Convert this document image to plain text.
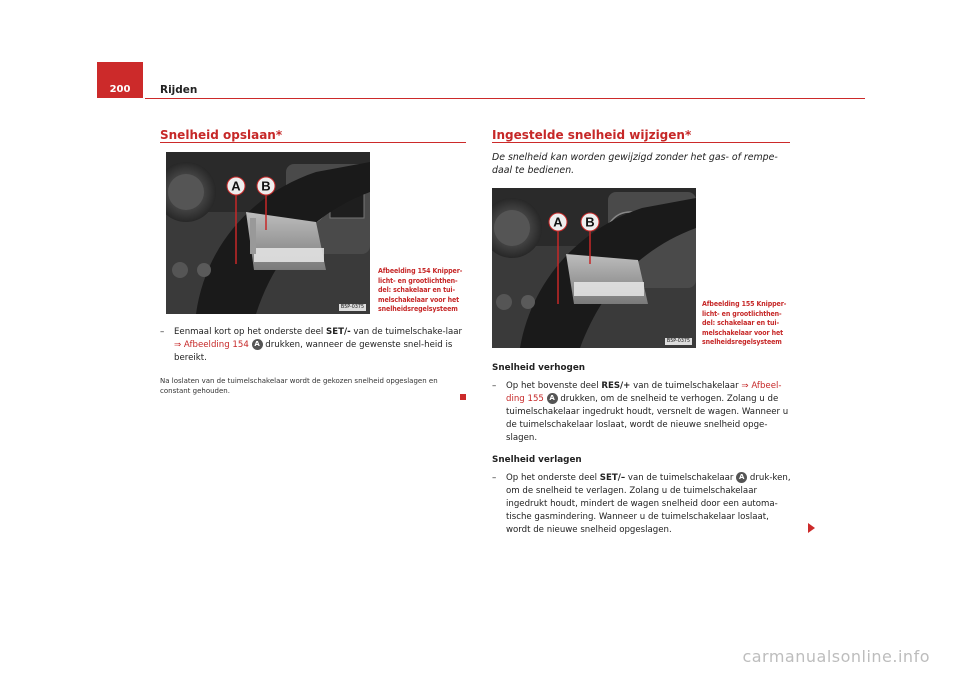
200	Rijden
Snelheid opslaan*
A B
B5P-0375
Afbeelding 154 Knipper-licht- en grootlichthen-del: schakelaar en tui-melschakelaar voor het snelheidsregelsysteem
– Eenmaal kort op het onderste deel SET/- van de tuimelschake-laar ⇒ Afbeelding 154 A drukken, wanneer de gewenste snel-heid is bereikt.
Na loslaten van de tuimelschakelaar wordt de gekozen snelheid opgeslagen en constant gehouden.
Ingestelde snelheid wijzigen*
De snelheid kan worden gewijzigd zonder het gas- of rempe-daal te bedienen.
A B
B5P-0375
Afbeelding 155 Knipper-licht- en grootlichthen-del: schakelaar en tui-melschakelaar voor het snelheidsregelsysteem
Snelheid verhogen
– Op het bovenste deel RES/+ van de tuimelschakelaar ⇒ Afbeel-ding 155 A drukken, om de snelheid te verhogen. Zolang u de tuimelschakelaar ingedrukt houdt, versnelt de wagen. Wanneer u de tuimelschakelaar loslaat, wordt de nieuwe snelheid opge-slagen.
Snelheid verlagen
– Op het onderste deel SET/– van de tuimelschakelaar A druk-ken, om de snelheid te verlagen. Zolang u de tuimelschakelaar ingedrukt houdt, mindert de wagen snelheid door een automa-tische gasmindering. Wanneer u de tuimelschakelaar loslaat, wordt de nieuwe snelheid opgeslagen.
carmanualsonline.info
